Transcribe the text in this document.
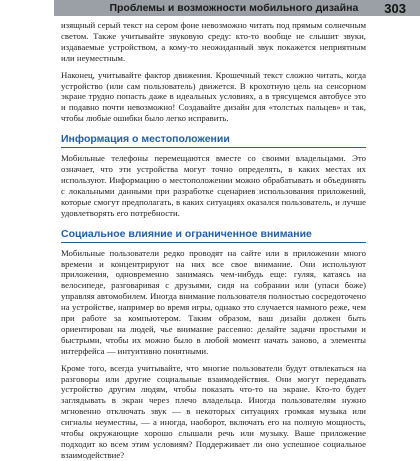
Проблемы и возможности мобильного дизайна 303

изящный серый текст на сером фоне невозможно читать под прямым солнечным светом. Также учитывайте звуковую среду: кто-то вообще не слышит звуки, издаваемые устройством, а кому-то неожиданный звук покажется неприятным или неуместным.

Наконец, учитывайте фактор движения. Крошечный текст сложно читать, когда устройство (или сам пользователь) движется. В крохотную цель на сенсорном экране трудно попасть даже в идеальных условиях, а в трясущемся автобусе это и подавно почти невозможно! Создавайте дизайн для «толстых пальцев» и так, чтобы любые ошибки было легко исправить.

Информация о местоположении

Мобильные телефоны перемещаются вместе со своими владельцами. Это означает, что эти устройства могут точно определять, в каких местах их используют. Информацию о местоположении можно обрабатывать и объединять с локальными данными при разработке сценариев использования приложений, которые смогут предполагать, в каких ситуациях оказался пользователь, и лучше удовлетворять его потребности.

Социальное влияние и ограниченное внимание

Мобильные пользователи редко проводят на сайте или в приложении много времени и концентрируют на них все свое внимание. Они используют приложения, одновременно занимаясь чем-нибудь еще: гуляя, катаясь на велосипеде, разговаривая с друзьями, сидя на собрании или (упаси боже) управляя автомобилем. Иногда внимание пользователя полностью сосредоточено на устройстве, например во время игры, однако это случается намного реже, чем при работе за компьютером. Таким образом, ваш дизайн должен быть ориентирован на людей, чье внимание рассеяно: делайте задачи простыми и быстрыми, чтобы их можно было в любой момент начать заново, а элементы интерфейса — интуитивно понятными.

Кроме того, всегда учитывайте, что многие пользователи будут отвлекаться на разговоры или другие социальные взаимодействия. Они могут передавать устройство другим людям, чтобы показать что-то на экране. Кто-то будет заглядывать в экран через плечо владельца. Иногда пользователям нужно мгновенно отключать звук — в некоторых ситуациях громкая музыка или сигналы неуместны, — а иногда, наоборот, включать его на полную мощность, чтобы окружающие хорошо слышали речь или музыку. Ваше приложение подходит ко всем этим условиям? Поддерживает ли оно успешное социальное взаимодействие?
